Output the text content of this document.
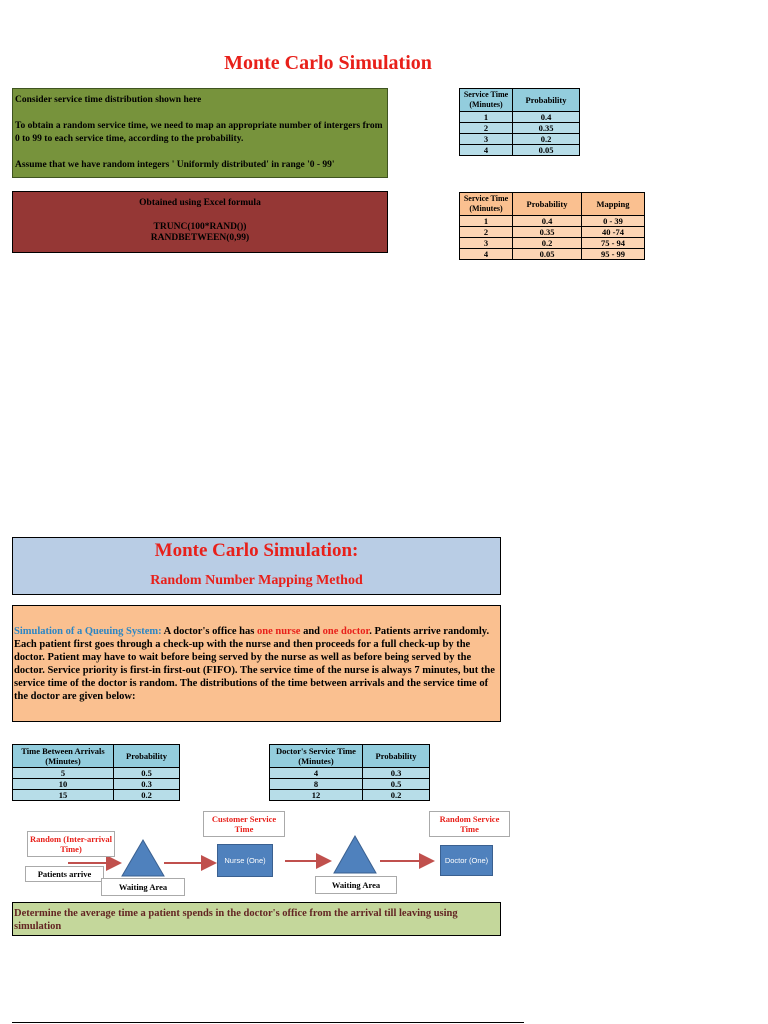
Monte Carlo Simulation

Consider service time distribution shown here

To obtain a random service time, we need to map an appropriate number of intergers from 0 to 99 to each service time, according to the probability.

Assume that we have random integers ' Uniformly distributed' in range '0 - 99'

Obtained using Excel formula
TRUNC(100*RAND())
RANDBETWEEN(0,99)
Service Time (Minutes)	Probability
1	0.4
2	0.35
3	0.2
4	0.05
Service Time (Minutes)	Probability	Mapping
1	0.4	0 - 39
2	0.35	40 -74
3	0.2	75 - 94
4	0.05	95 - 99
Monte Carlo Simulation:
Random Number Mapping Method
Simulation of a Queuing System: A doctor's office has one nurse and one doctor. Patients arrive randomly. Each patient first goes through a check-up with the nurse and then proceeds for a full check-up by the doctor. Patient may have to wait before being served by the nurse as well as before being served by the doctor. Service priority is first-in first-out (FIFO). The service time of the nurse is always 7 minutes, but the service time of the doctor is random. The distributions of the time between arrivals and the service time of the doctor are given below:
Time Between Arrivals (Minutes)	Probability
5	0.5
10	0.3
15	0.2
Doctor's Service Time (Minutes)	Probability
4	0.3
8	0.5
12	0.2
Random (Inter-arrival Time)
Patients arrive
Waiting Area
Customer Service Time
Nurse (One)
Waiting Area
Random Service Time
Doctor (One)
Determine the average time a patient spends in the doctor's office from the arrival till leaving using simulation
